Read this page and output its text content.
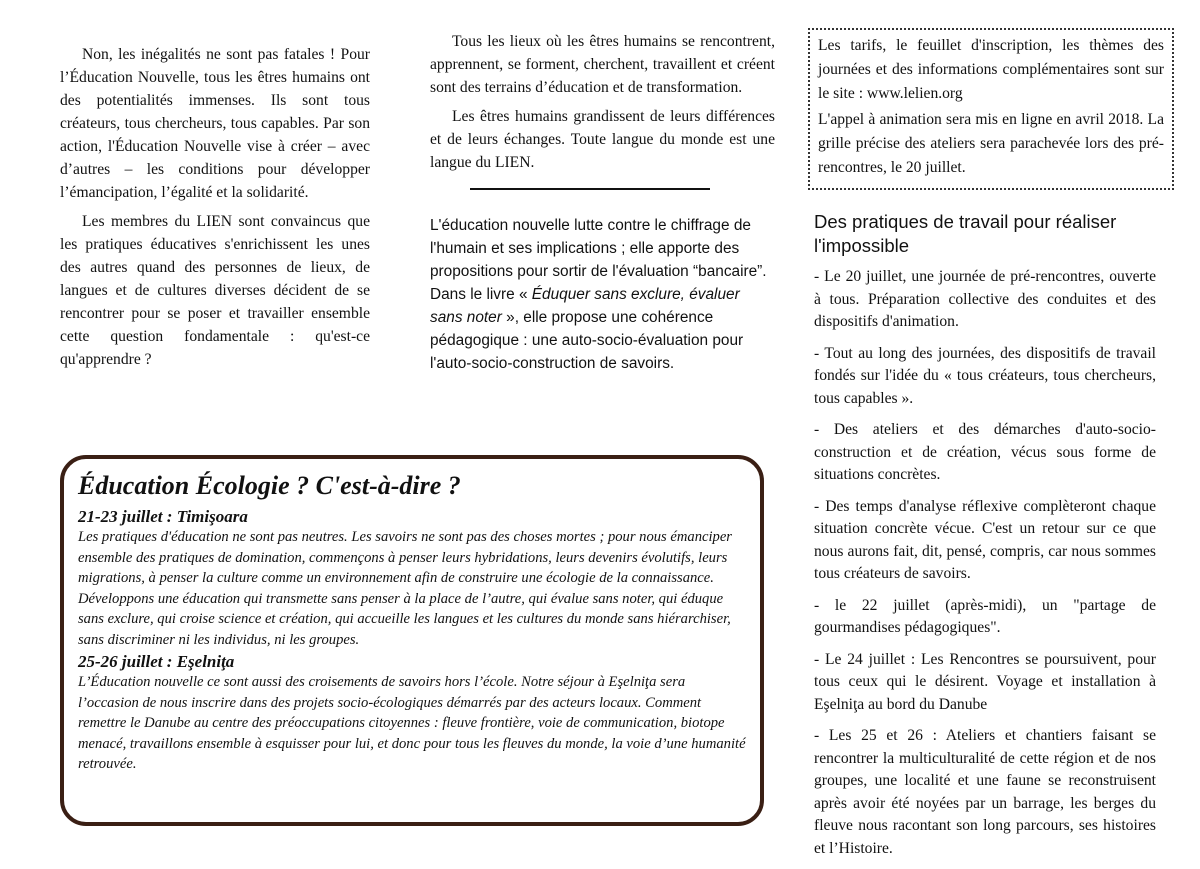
Non, les inégalités ne sont pas fatales ! Pour l’Éducation Nouvelle, tous les êtres humains ont des potentialités immenses. Ils sont tous créateurs, tous chercheurs, tous capables. Par son action, l'Éducation Nouvelle vise à créer – avec d’autres – les conditions pour développer l’émancipation, l’égalité et la solidarité.

Les membres du LIEN sont convaincus que les pratiques éducatives s'enrichissent les unes des autres quand des personnes de lieux, de langues et de cultures diverses décident de se rencontrer pour se poser et travailler ensemble cette question fondamentale : qu'est-ce qu'apprendre ?

Tous les lieux où les êtres humains se rencontrent, apprennent, se forment, cherchent, travaillent et créent sont des terrains d’éducation et de transformation.

Les êtres humains grandissent de leurs différences et de leurs échanges. Toute langue du monde est une langue du LIEN.

L'éducation nouvelle lutte contre le chiffrage de l'humain et ses implications ; elle apporte des propositions pour sortir de l'évaluation “bancaire”. Dans le livre « Éduquer sans exclure, évaluer sans noter », elle propose une cohérence pédagogique : une auto-socio-évaluation pour l'auto-socio-construction de savoirs.

Les tarifs, le feuillet d'inscription, les thèmes des journées et des informations complémentaires sont sur le site : www.lelien.org

L'appel à animation sera mis en ligne en avril 2018. La grille précise des ateliers sera parachevée lors des pré-rencontres, le 20 juillet.

Des pratiques de travail pour réaliser l'impossible

- Le 20 juillet, une journée de pré-rencontres, ouverte à tous. Préparation collective des conduites et des dispositifs d'animation.

- Tout au long des journées, des dispositifs de travail fondés sur l'idée du « tous créateurs, tous chercheurs, tous capables ».

- Des ateliers et des démarches d'auto-socio-construction et de création, vécus sous forme de situations concrètes.

- Des temps d'analyse réflexive complèteront chaque situation concrète vécue. C'est un retour sur ce que nous aurons fait, dit, pensé, compris, car nous sommes tous créateurs de savoirs.

- le 22 juillet (après-midi), un "partage de gourmandises pédagogiques".

- Le 24 juillet : Les Rencontres se poursuivent, pour tous ceux qui le désirent. Voyage et installation à Eşelniţa au bord du Danube

- Les 25 et 26 : Ateliers et chantiers faisant se rencontrer la multiculturalité de cette région et de nos groupes, une localité et une faune se reconstruisent après avoir été noyées par un barrage, les berges du fleuve nous racontant son long parcours, ses histoires et l’Histoire.

Éducation Écologie ? C'est-à-dire ?
21-23 juillet : Timişoara

Les pratiques d'éducation ne sont pas neutres. Les savoirs ne sont pas des choses mortes ; pour nous émanciper ensemble des pratiques de domination, commençons à penser leurs hybridations, leurs devenirs évolutifs, leurs migrations, à penser la culture comme un environnement afin de construire une écologie de la connaissance. Développons une éducation qui transmette sans penser à la place de l’autre, qui évalue sans noter, qui éduque sans exclure, qui croise science et création, qui accueille les langues et les cultures du monde sans hiérarchiser, sans discriminer ni les individus, ni les groupes.

25-26 juillet : Eşelniţa

L’Éducation nouvelle ce sont aussi des croisements de savoirs hors l’école. Notre séjour à Eşelniţa sera l’occasion de nous inscrire dans des projets socio-écologiques démarrés par des acteurs locaux. Comment remettre le Danube au centre des préoccupations citoyennes : fleuve frontière, voie de communication, biotope menacé, travaillons ensemble à esquisser pour lui, et donc pour tous les fleuves du monde, la voie d’une humanité retrouvée.
